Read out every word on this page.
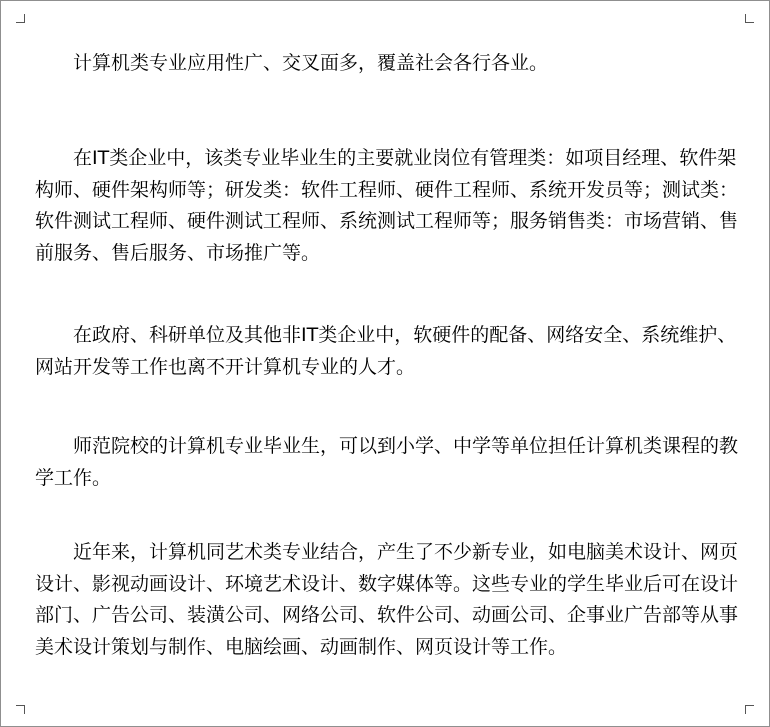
计算机类专业应用性广、交叉面多，覆盖社会各行各业。

在IT类企业中，该类专业毕业生的主要就业岗位有管理类：如项目经理、软件架构师、硬件架构师等；研发类：软件工程师、硬件工程师、系统开发员等；测试类：软件测试工程师、硬件测试工程师、系统测试工程师等；服务销售类：市场营销、售前服务、售后服务、市场推广等。

在政府、科研单位及其他非IT类企业中，软硬件的配备、网络安全、系统维护、网站开发等工作也离不开计算机专业的人才。

师范院校的计算机专业毕业生，可以到小学、中学等单位担任计算机类课程的教学工作。

近年来，计算机同艺术类专业结合，产生了不少新专业，如电脑美术设计、网页设计、影视动画设计、环境艺术设计、数字媒体等。这些专业的学生毕业后可在设计部门、广告公司、装潢公司、网络公司、软件公司、动画公司、企事业广告部等从事美术设计策划与制作、电脑绘画、动画制作、网页设计等工作。
